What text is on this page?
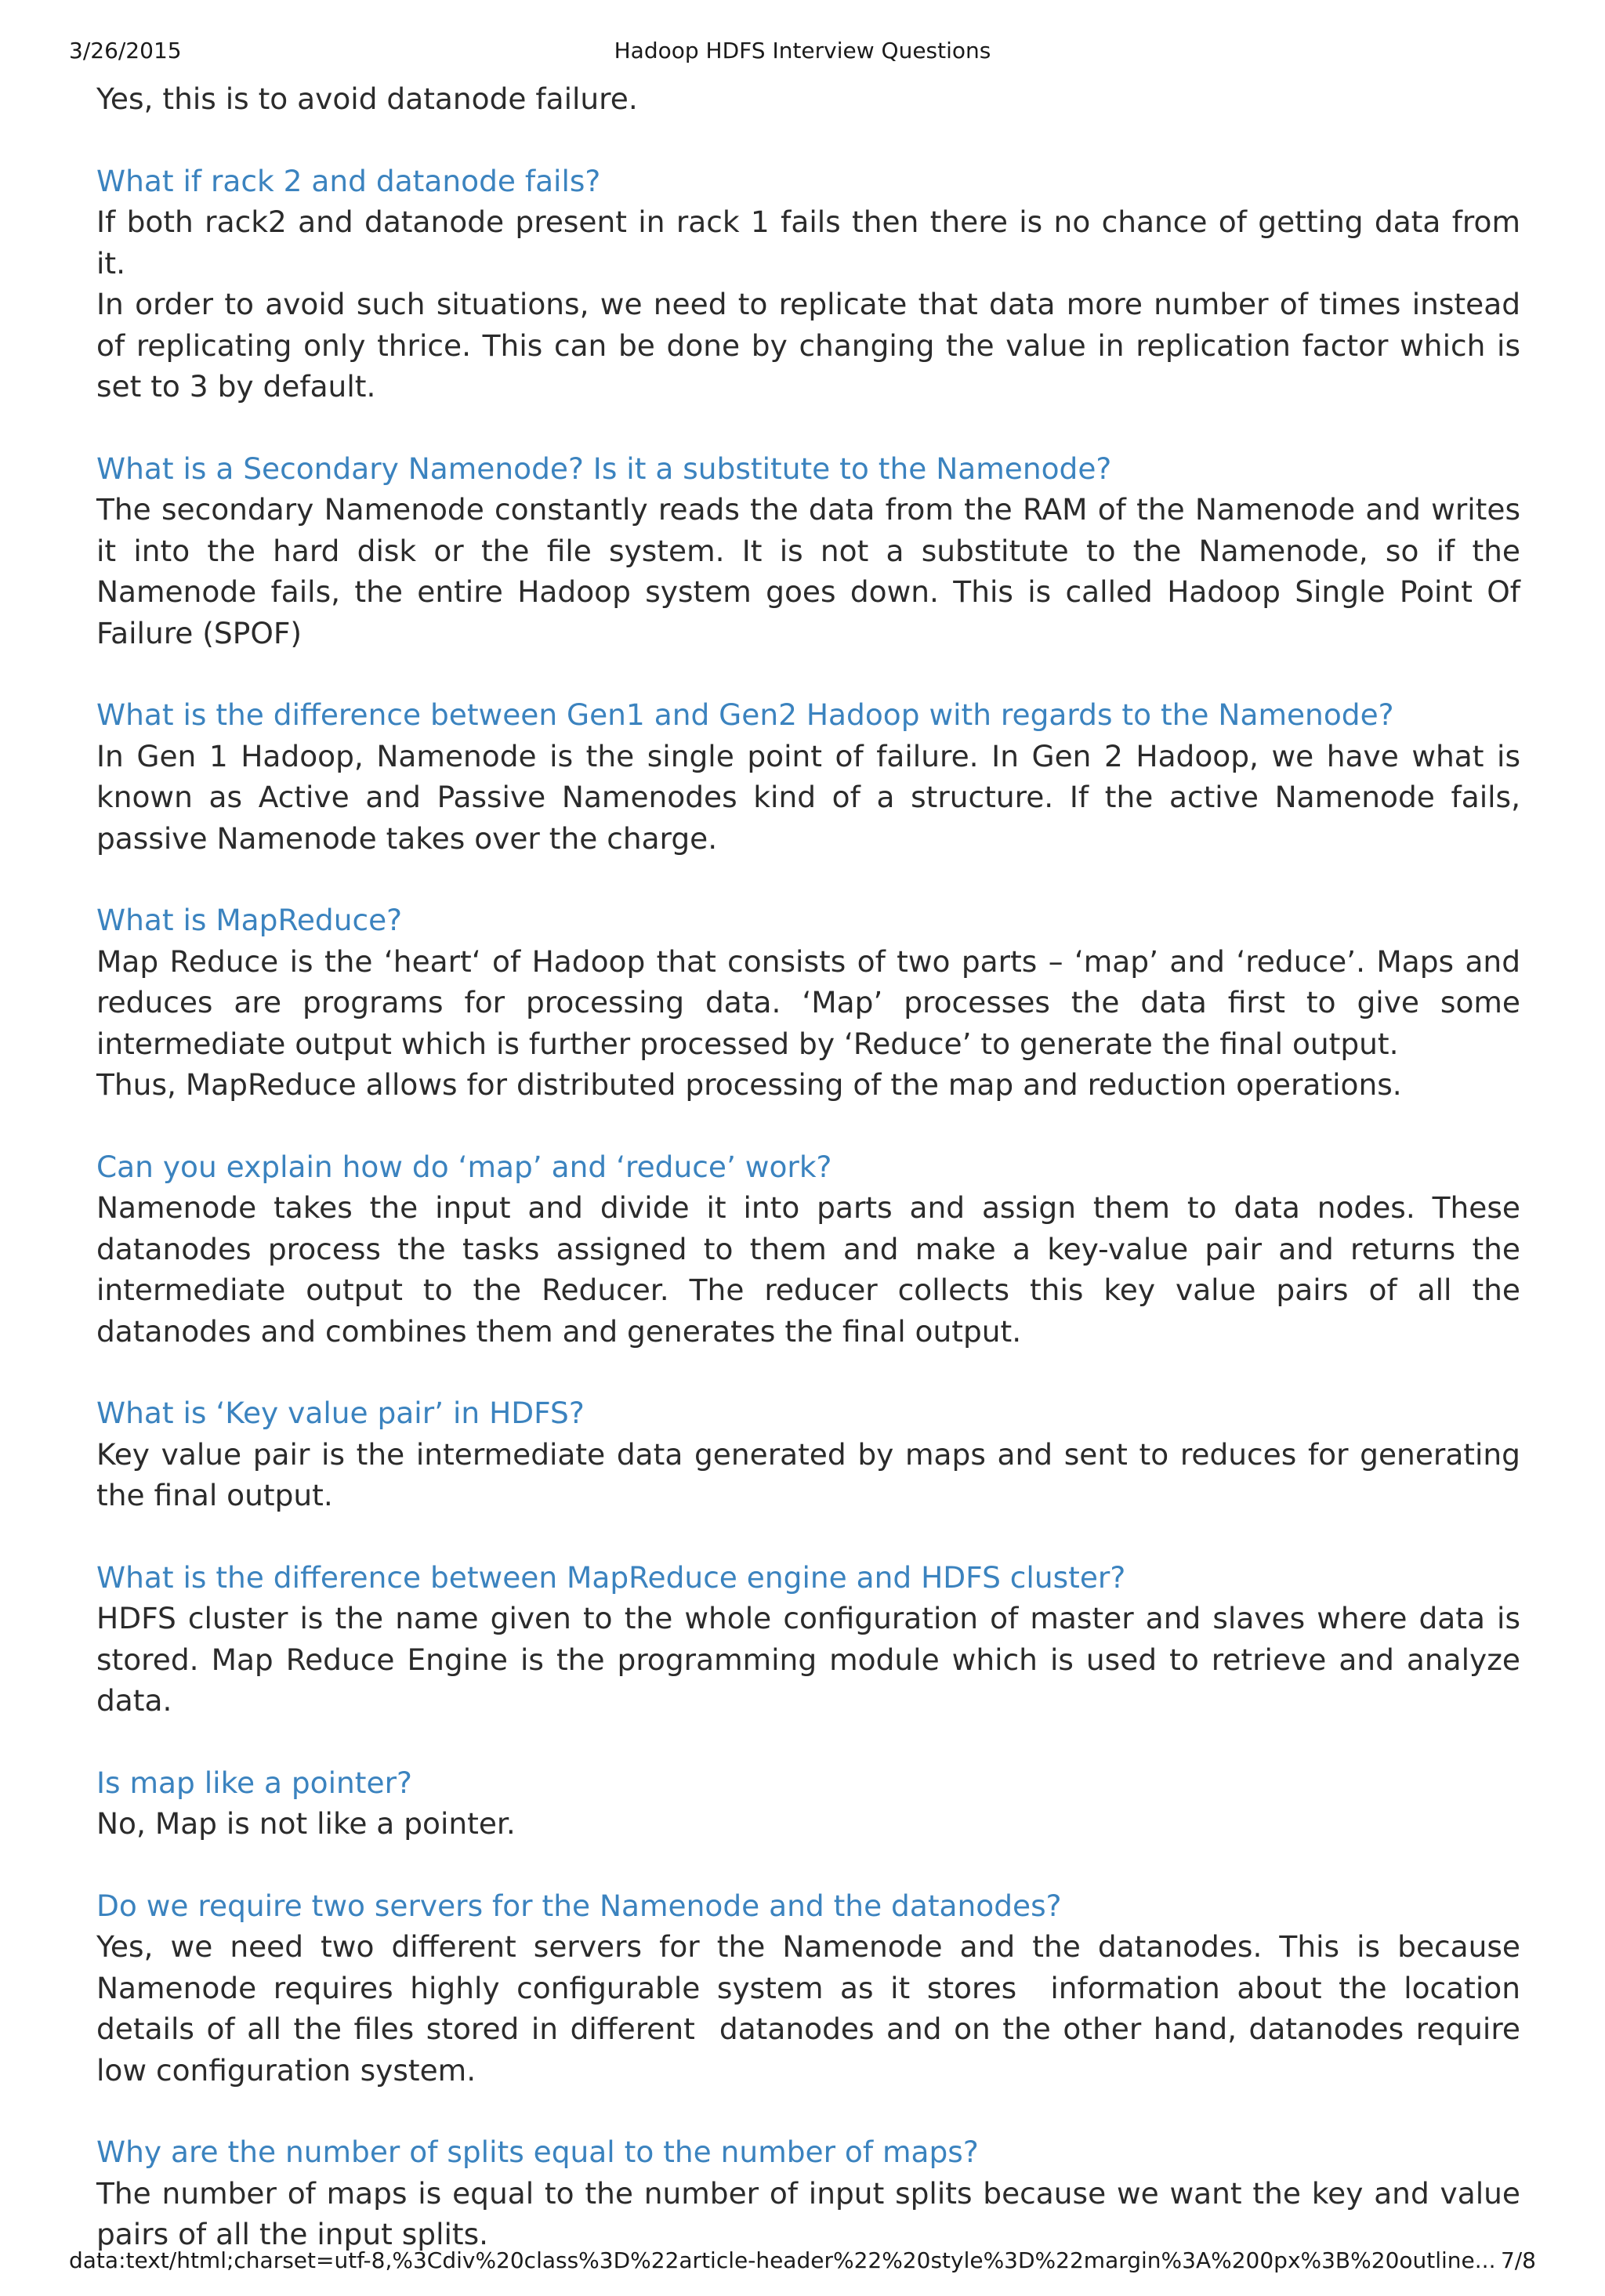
3/26/2015	Hadoop HDFS Interview Questions

Yes, this is to avoid datanode failure.

What if rack 2 and datanode fails?

If both rack2 and datanode present in rack 1 fails then there is no chance of getting data from it.
In order to avoid such situations, we need to replicate that data more number of times instead of replicating only thrice. This can be done by changing the value in replication factor which is set to 3 by default.

What is a Secondary Namenode? Is it a substitute to the Namenode?

The secondary Namenode constantly reads the data from the RAM of the Namenode and writes it into the hard disk or the file system. It is not a substitute to the Namenode, so if the Namenode fails, the entire Hadoop system goes down. This is called Hadoop Single Point Of Failure (SPOF)

What is the difference between Gen1 and Gen2 Hadoop with regards to the Namenode?

In Gen 1 Hadoop, Namenode is the single point of failure. In Gen 2 Hadoop, we have what is known as Active and Passive Namenodes kind of a structure. If the active Namenode fails, passive Namenode takes over the charge.

What is MapReduce?

Map Reduce is the ‘heart‘ of Hadoop that consists of two parts – ‘map’ and ‘reduce’. Maps and reduces are programs for processing data. ‘Map’ processes the data first to give some intermediate output which is further processed by ‘Reduce’ to generate the final output.
Thus, MapReduce allows for distributed processing of the map and reduction operations.

Can you explain how do ‘map’ and ‘reduce’ work?

Namenode takes the input and divide it into parts and assign them to data nodes. These datanodes process the tasks assigned to them and make a key-value pair and returns the intermediate output to the Reducer. The reducer collects this key value pairs of all the datanodes and combines them and generates the final output.

What is ‘Key value pair’ in HDFS?

Key value pair is the intermediate data generated by maps and sent to reduces for generating the final output.

What is the difference between MapReduce engine and HDFS cluster?

HDFS cluster is the name given to the whole configuration of master and slaves where data is stored. Map Reduce Engine is the programming module which is used to retrieve and analyze data.

Is map like a pointer?

No, Map is not like a pointer.

Do we require two servers for the Namenode and the datanodes?

Yes, we need two different servers for the Namenode and the datanodes. This is because Namenode requires highly configurable system as it stores  information about the location details of all the files stored in different  datanodes and on the other hand, datanodes require low configuration system.

Why are the number of splits equal to the number of maps?

The number of maps is equal to the number of input splits because we want the key and value pairs of all the input splits.

data:text/html;charset=utf-8,%3Cdiv%20class%3D%22article-header%22%20style%3D%22margin%3A%200px%3B%20outline... 7/8
